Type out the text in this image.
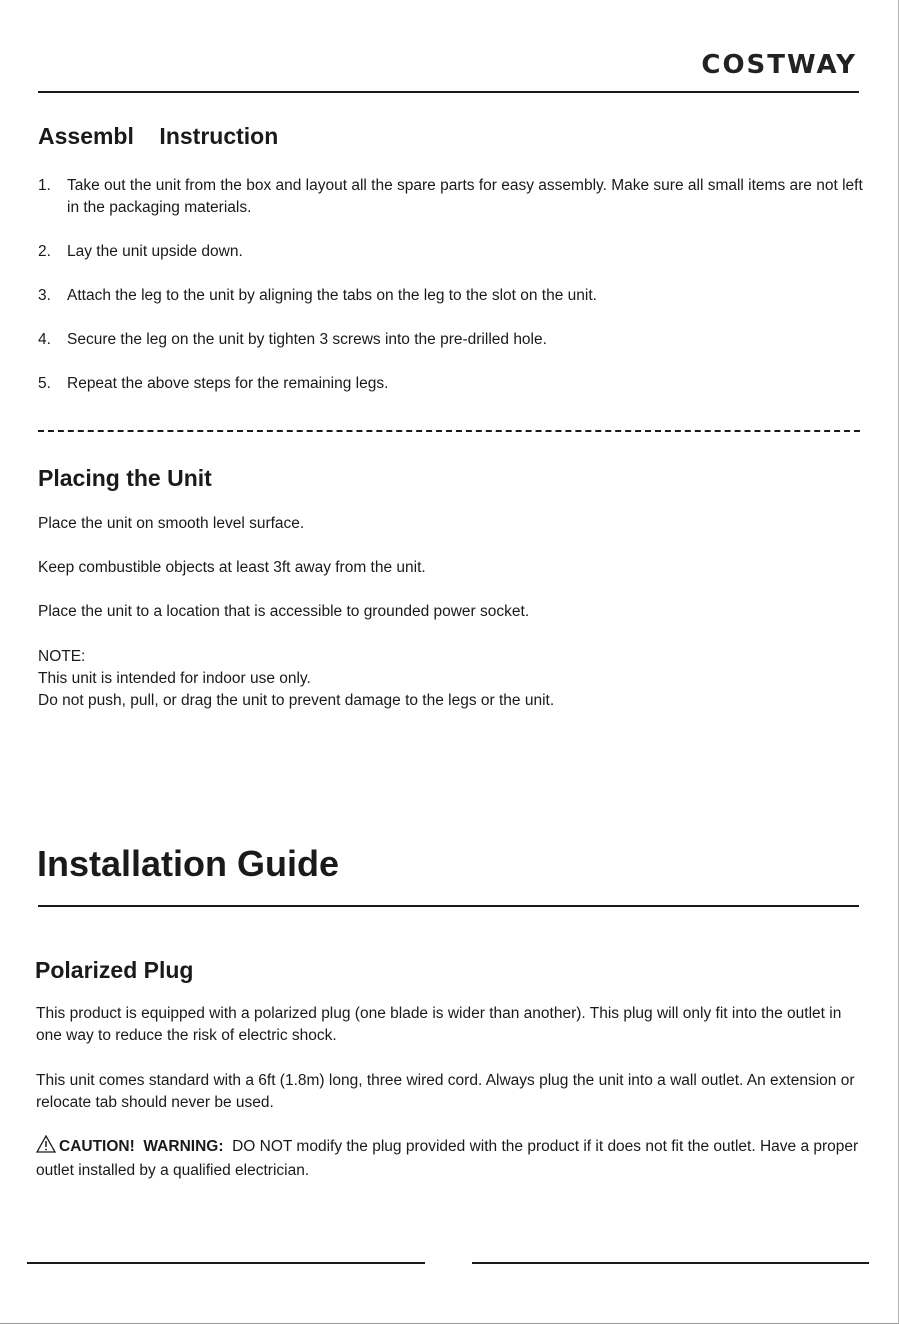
COSTWAY
Assembl    Instruction
1.	Take out the unit from the box and layout all the spare parts for easy assembly. Make sure all small items are not left in the packaging materials.
2.	Lay the unit upside down.
3.	Attach the leg to the unit by aligning the tabs on the leg to the slot on the unit.
4.	Secure the leg on the unit by tighten 3 screws into the pre-drilled hole.
5.	Repeat the above steps for the remaining legs.
Placing the Unit

Place the unit on smooth level surface.

Keep combustible objects at least 3ft away from the unit.

Place the unit to a location that is accessible to grounded power socket.

NOTE:

This unit is intended for indoor use only.

Do not push, pull, or drag the unit to prevent damage to the legs or the unit.

Installation Guide
Polarized Plug

This product is equipped with a polarized plug (one blade is wider than another). This plug will only fit into the outlet in one way to reduce the risk of electric shock.

This unit comes standard with a 6ft (1.8m) long, three wired cord. Always plug the unit into a wall outlet. An extension or relocate tab should never be used.

CAUTION! WARNING: DO NOT modify the plug provided with the product if it does not fit the outlet. Have a proper outlet installed by a qualified electrician.
